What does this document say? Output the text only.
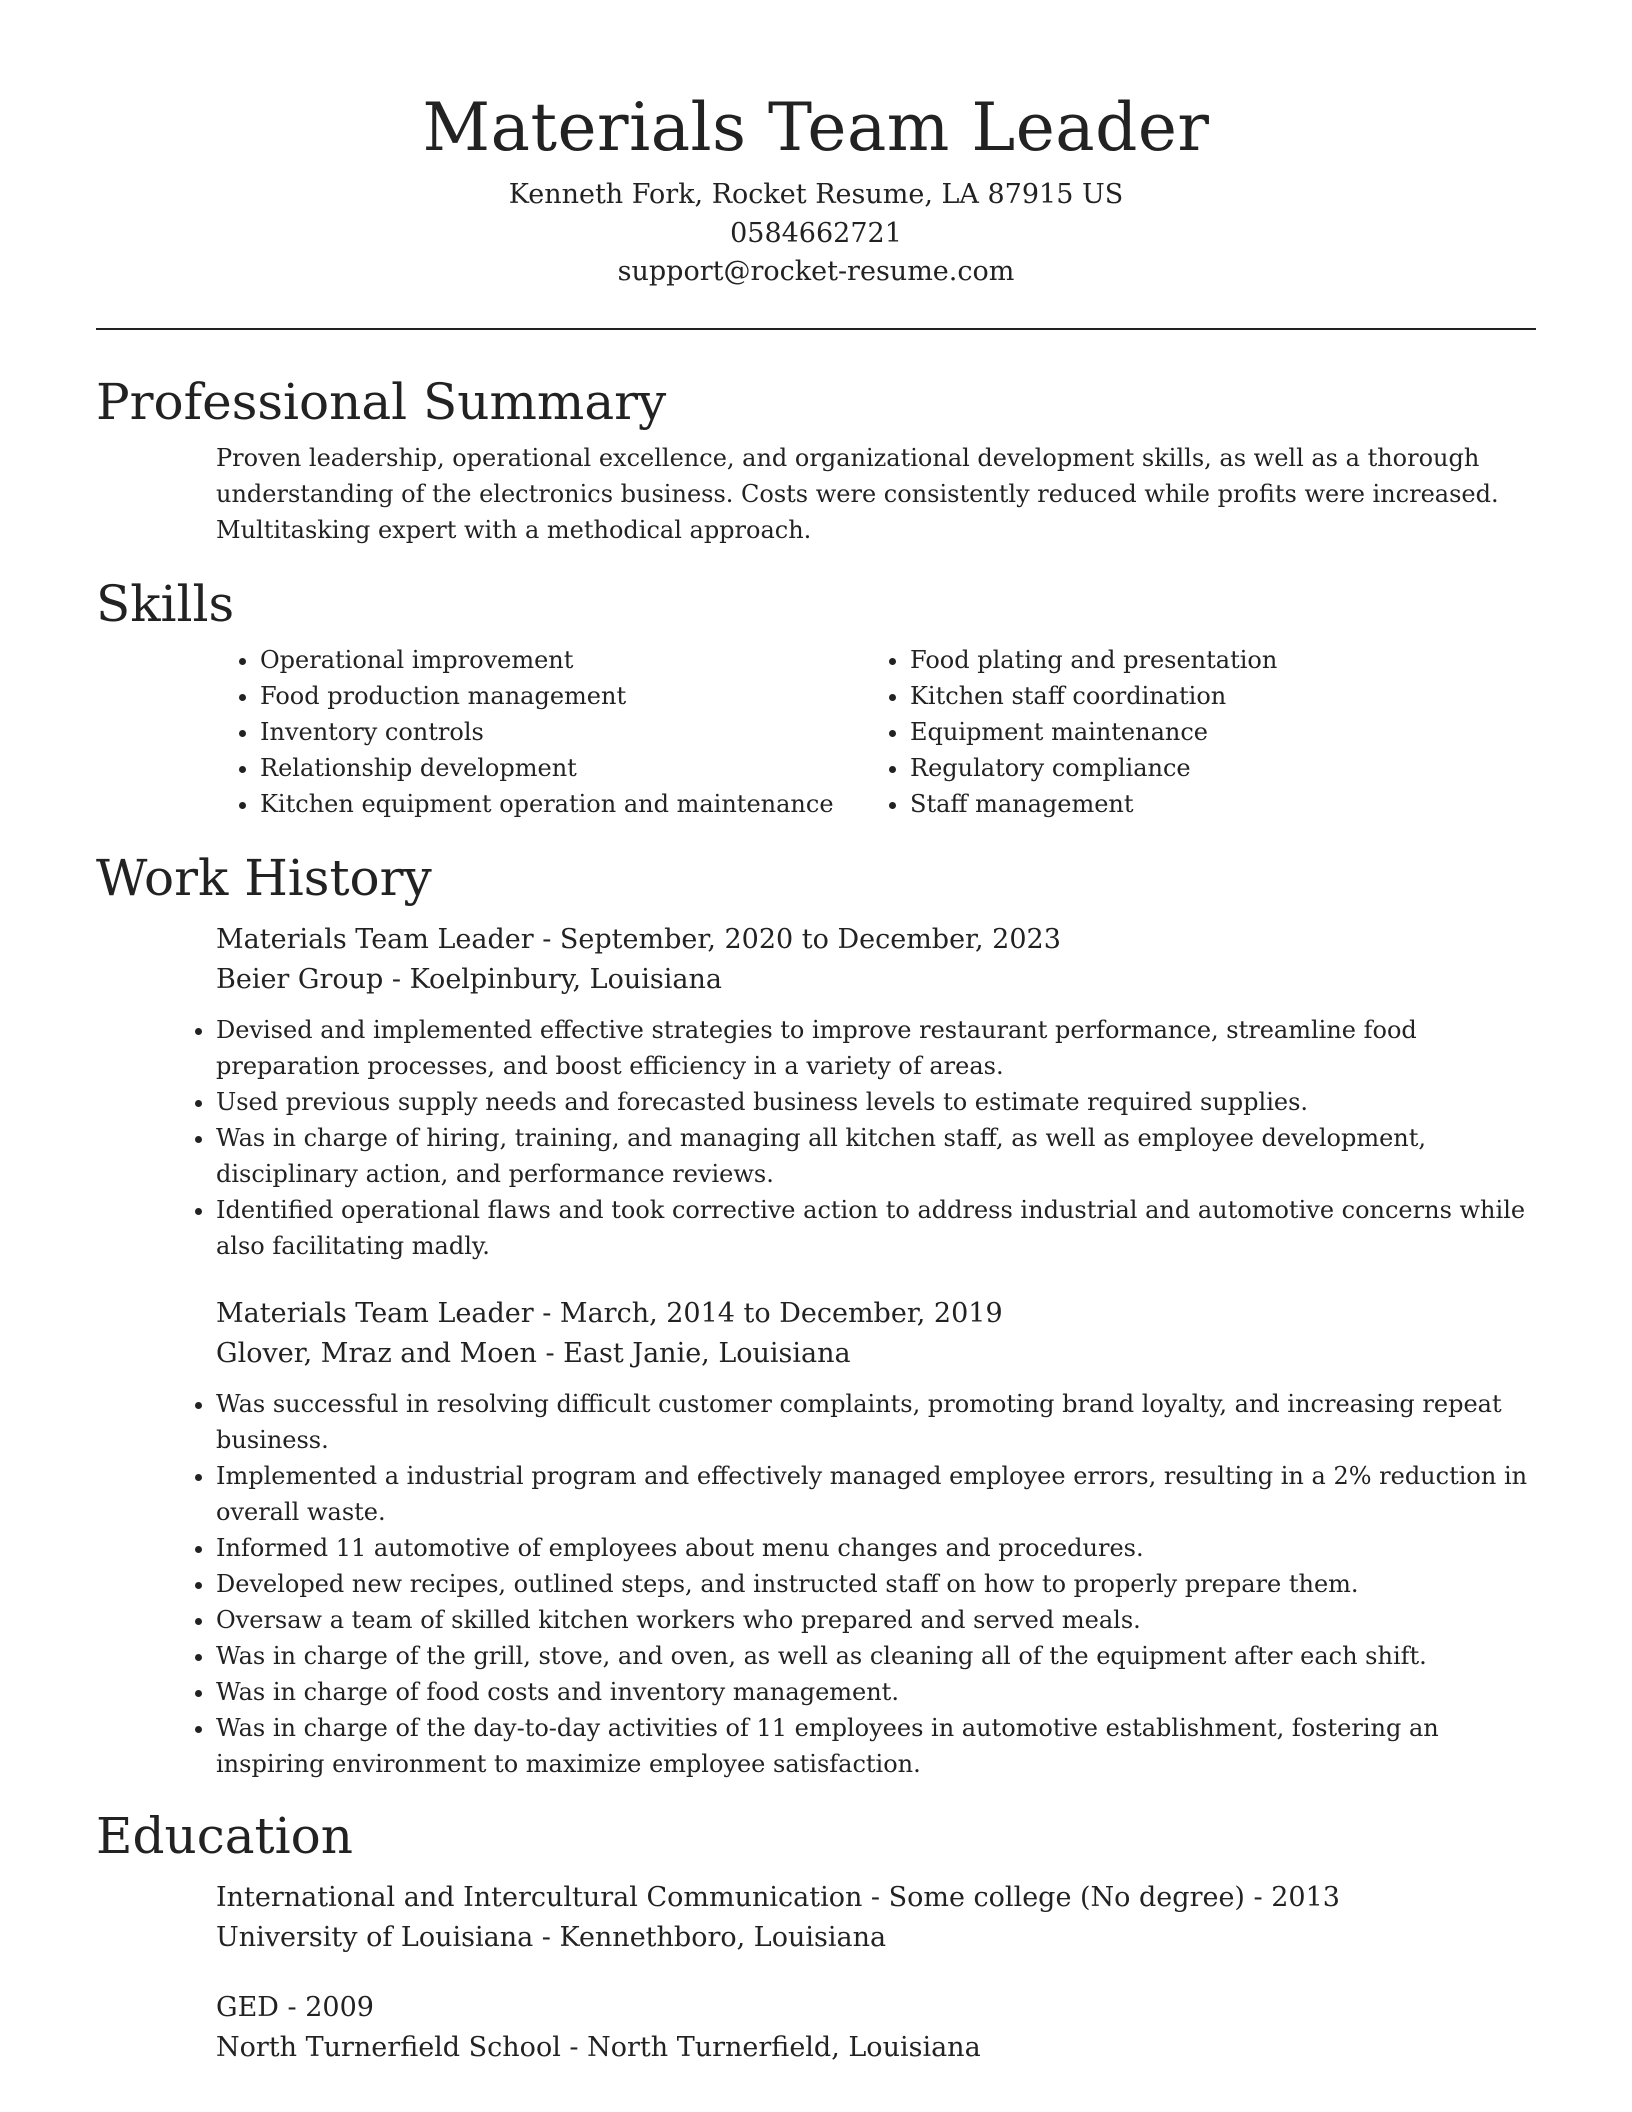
Materials Team Leader
Kenneth Fork, Rocket Resume, LA 87915 US
0584662721
support@rocket-resume.com
Professional Summary
Proven leadership, operational excellence, and organizational development skills, as well as a thorough understanding of the electronics business. Costs were consistently reduced while profits were increased. Multitasking expert with a methodical approach.
Skills
• Operational improvement
• Food production management
• Inventory controls
• Relationship development
• Kitchen equipment operation and maintenance
• Food plating and presentation
• Kitchen staff coordination
• Equipment maintenance
• Regulatory compliance
• Staff management
Work History
Materials Team Leader - September, 2020 to December, 2023
Beier Group - Koelpinbury, Louisiana
• Devised and implemented effective strategies to improve restaurant performance, streamline food preparation processes, and boost efficiency in a variety of areas.
• Used previous supply needs and forecasted business levels to estimate required supplies.
• Was in charge of hiring, training, and managing all kitchen staff, as well as employee development, disciplinary action, and performance reviews.
• Identified operational flaws and took corrective action to address industrial and automotive concerns while also facilitating madly.
Materials Team Leader - March, 2014 to December, 2019
Glover, Mraz and Moen - East Janie, Louisiana
• Was successful in resolving difficult customer complaints, promoting brand loyalty, and increasing repeat business.
• Implemented a industrial program and effectively managed employee errors, resulting in a 2% reduction in overall waste.
• Informed 11 automotive of employees about menu changes and procedures.
• Developed new recipes, outlined steps, and instructed staff on how to properly prepare them.
• Oversaw a team of skilled kitchen workers who prepared and served meals.
• Was in charge of the grill, stove, and oven, as well as cleaning all of the equipment after each shift.
• Was in charge of food costs and inventory management.
• Was in charge of the day-to-day activities of 11 employees in automotive establishment, fostering an inspiring environment to maximize employee satisfaction.
Education
International and Intercultural Communication - Some college (No degree) - 2013
University of Louisiana - Kennethboro, Louisiana
GED - 2009
North Turnerfield School - North Turnerfield, Louisiana
